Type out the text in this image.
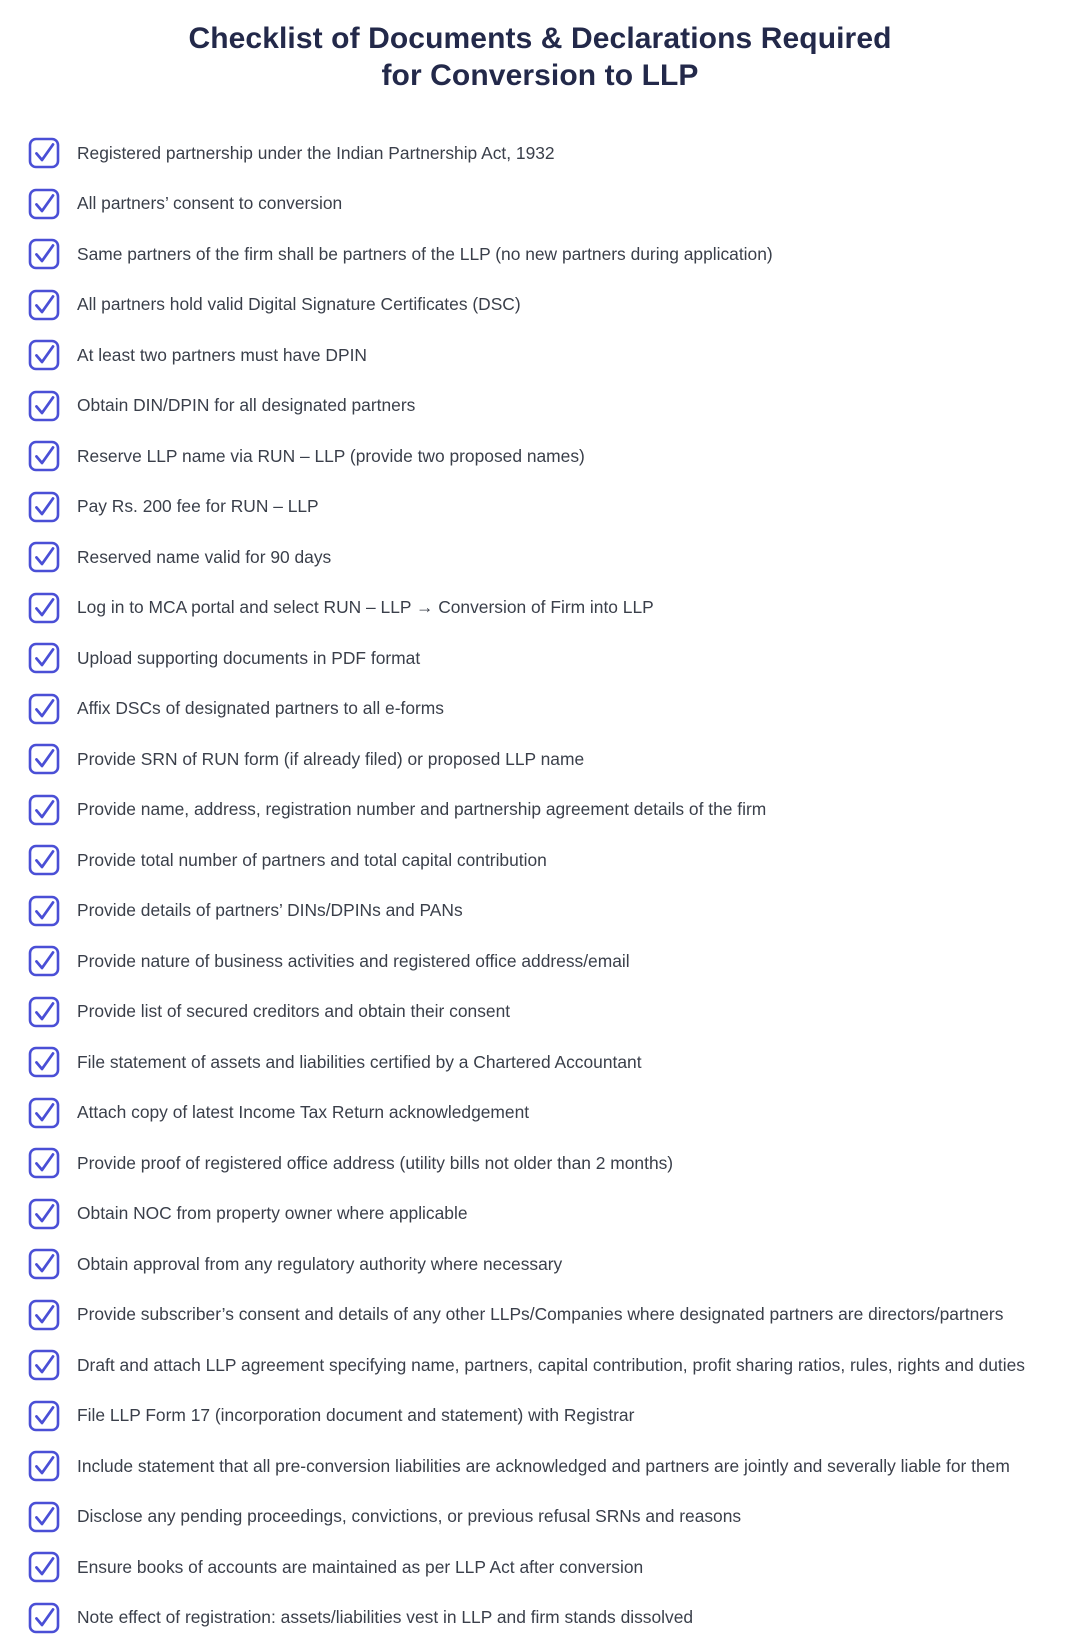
Checklist of Documents & Declarations Required
for Conversion to LLP
Registered partnership under the Indian Partnership Act, 1932
All partners’ consent to conversion
Same partners of the firm shall be partners of the LLP (no new partners during application)
All partners hold valid Digital Signature Certificates (DSC)
At least two partners must have DPIN
Obtain DIN/DPIN for all designated partners
Reserve LLP name via RUN – LLP (provide two proposed names)
Pay Rs. 200 fee for RUN – LLP
Reserved name valid for 90 days
Log in to MCA portal and select RUN – LLP → Conversion of Firm into LLP
Upload supporting documents in PDF format
Affix DSCs of designated partners to all e-forms
Provide SRN of RUN form (if already filed) or proposed LLP name
Provide name, address, registration number and partnership agreement details of the firm
Provide total number of partners and total capital contribution
Provide details of partners’ DINs/DPINs and PANs
Provide nature of business activities and registered office address/email
Provide list of secured creditors and obtain their consent
File statement of assets and liabilities certified by a Chartered Accountant
Attach copy of latest Income Tax Return acknowledgement
Provide proof of registered office address (utility bills not older than 2 months)
Obtain NOC from property owner where applicable
Obtain approval from any regulatory authority where necessary
Provide subscriber’s consent and details of any other LLPs/Companies where designated partners are directors/partners
Draft and attach LLP agreement specifying name, partners, capital contribution, profit sharing ratios, rules, rights and duties
File LLP Form 17 (incorporation document and statement) with Registrar
Include statement that all pre-conversion liabilities are acknowledged and partners are jointly and severally liable for them
Disclose any pending proceedings, convictions, or previous refusal SRNs and reasons
Ensure books of accounts are maintained as per LLP Act after conversion
Note effect of registration: assets/liabilities vest in LLP and firm stands dissolved
